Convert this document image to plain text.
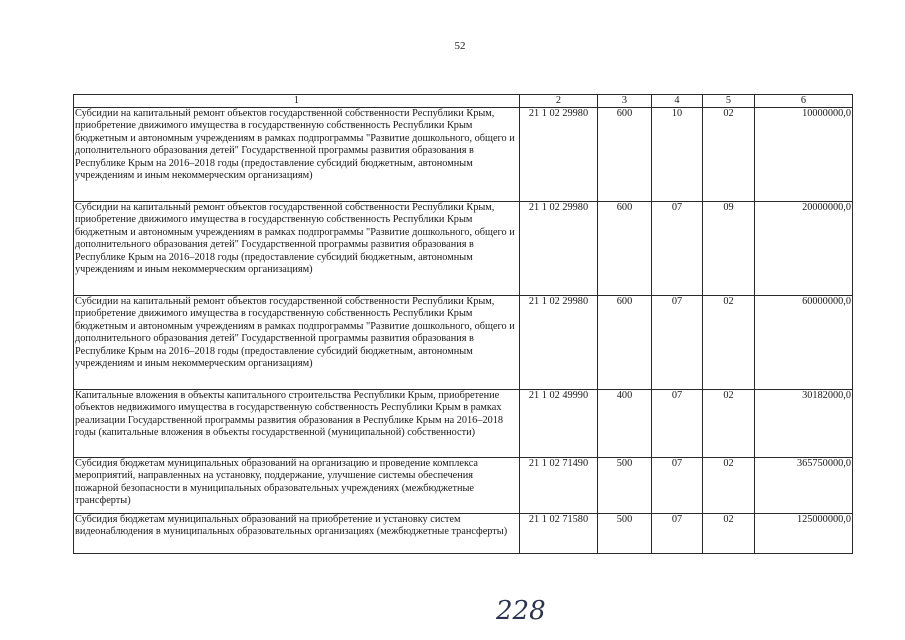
52
1	2	3	4	5	6
Субсидии на капитальный ремонт объектов государственной собственности Республики Крым, приобретение движимого имущества в государственную собственность Республики Крым бюджетным и автономным учреждениям в рамках подпрограммы "Развитие дошкольного, общего и дополнительного образования детей" Государственной программы развития образования в Республике Крым на 2016–2018 годы (предоставление субсидий бюджетным, автономным учреждениям и иным некоммерческим организациям)	21 1 02 29980	600	10	02	10000000,0
Субсидии на капитальный ремонт объектов государственной собственности Республики Крым, приобретение движимого имущества в государственную собственность Республики Крым бюджетным и автономным учреждениям в рамках подпрограммы "Развитие дошкольного, общего и дополнительного образования детей" Государственной программы развития образования в Республике Крым на 2016–2018 годы (предоставление субсидий бюджетным, автономным учреждениям и иным некоммерческим организациям)	21 1 02 29980	600	07	09	20000000,0
Субсидии на капитальный ремонт объектов государственной собственности Республики Крым, приобретение движимого имущества в государственную собственность Республики Крым бюджетным и автономным учреждениям в рамках подпрограммы "Развитие дошкольного, общего и дополнительного образования детей" Государственной программы развития образования в Республике Крым на 2016–2018 годы (предоставление субсидий бюджетным, автономным учреждениям и иным некоммерческим организациям)	21 1 02 29980	600	07	02	60000000,0
Капитальные вложения в объекты капитального строительства Республики Крым, приобретение объектов недвижимого имущества в государственную собственность Республики Крым в рамках реализации Государственной программы развития образования в Республике Крым на 2016–2018 годы (капитальные вложения в объекты государственной (муниципальной) собственности)	21 1 02 49990	400	07	02	30182000,0
Субсидия бюджетам муниципальных образований на организацию и проведение комплекса мероприятий, направленных на установку, поддержание, улучшение системы обеспечения пожарной безопасности в муниципальных образовательных учреждениях (межбюджетные трансферты)	21 1 02 71490	500	07	02	365750000,0
Субсидия бюджетам муниципальных образований на приобретение и установку систем видеонаблюдения в муниципальных образовательных организациях (межбюджетные трансферты)	21 1 02 71580	500	07	02	125000000,0
228
